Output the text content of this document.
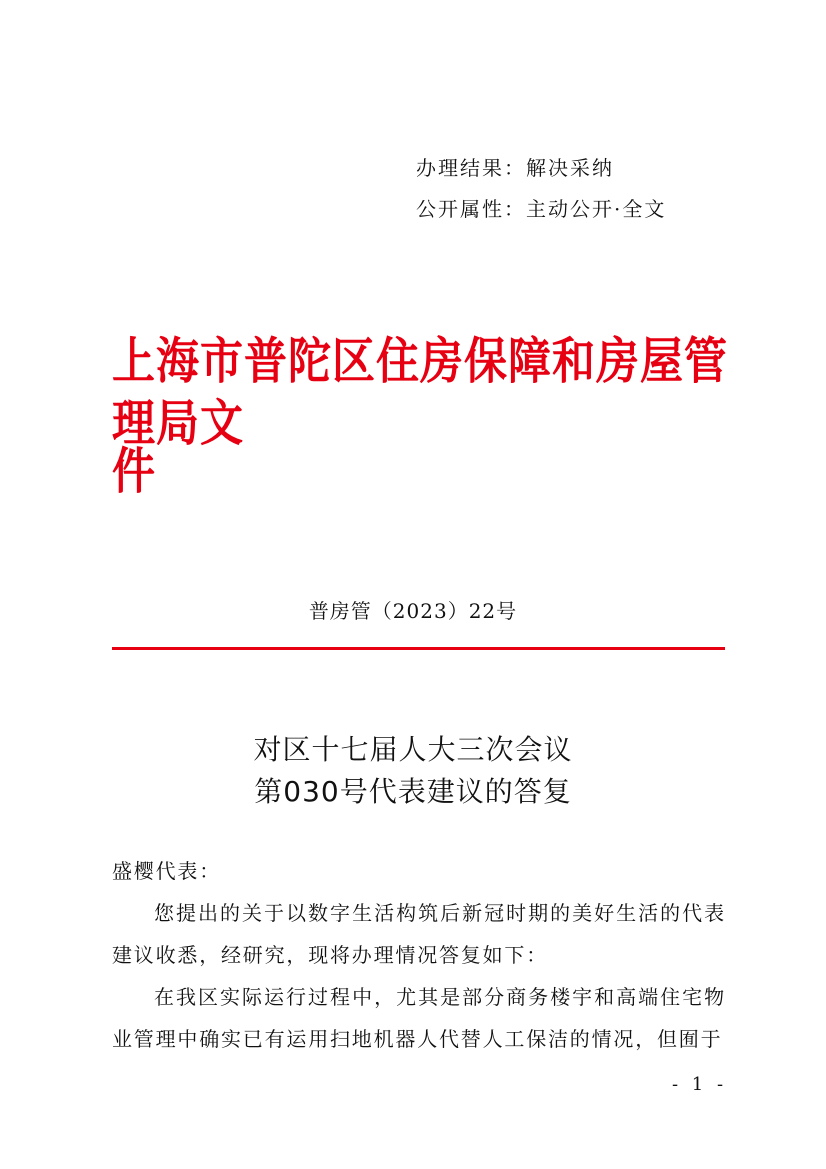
办理结果：解决采纳
公开属性：主动公开·全文
上海市普陀区住房保障和房屋管理局文
件
普房管（2023）22号
对区十七届人大三次会议
第030号代表建议的答复

盛樱代表：

您提出的关于以数字生活构筑后新冠时期的美好生活的代表建议收悉，经研究，现将办理情况答复如下：

在我区实际运行过程中，尤其是部分商务楼宇和高端住宅物业管理中确实已有运用扫地机器人代替人工保洁的情况，但囿于

- 1 -
